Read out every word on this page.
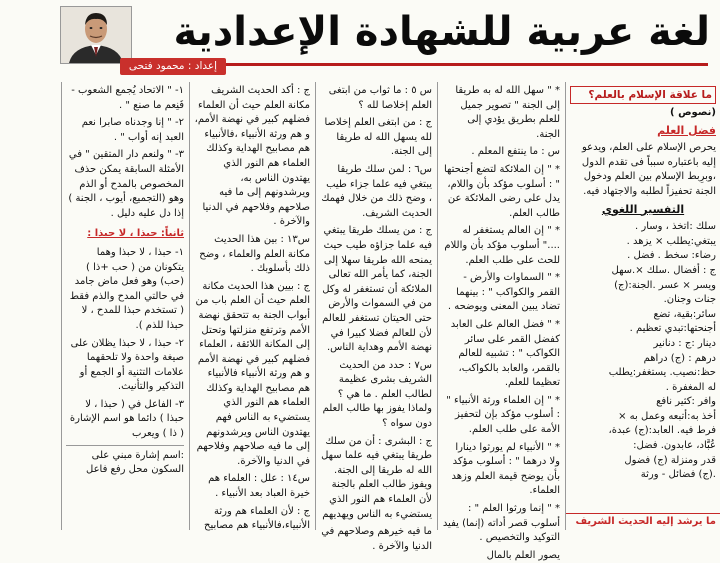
لغة عربية للشهادة الإعدادية
إعداد : محمود فتحى
ما علاقة الإسلام بالعلم؟

(نصوص )

فضل العلم

يحرص الإسلام على العلم، ويدعو إليه باعتباره سبباً فى تقدم الدول ،وبرِبط الإسلام بين العلم ودخول الجنة تحفيزاً لطلبه والاجتهاد فيه.

التفسير اللغوي

سلك :اتخذ ، وسار .
يبتغي:يطلب × يزهد .
رضاء: سخط . فضل .
ج : أفضال .سلك ×.سهل
ويسر × عسر .الجنة:(ج)
جنات وجنان.
سائر:بقية، تضع
أجنحتها:تبدي تعظيم .
دينار :ج : دنانير
درهم : (ج) دراهم
حظ:نصيب. يستغفر:يطلب
له المغفرة .
وافر :كثير نافع
أخذ به:أتبعه وعمل به ×
فرط فيه. العابد:(ج) عبدة،
عُبَّاد، عابدون. فضل:
قدر ومنزلة (ج) فضول
.(ج) فضائل - ورثة
ما يرشد إليه الحديث الشريف

* " سهل الله له به طريقا إلى الجنة " تصوير جميل للعلم بطريق يؤدي إلى الجنة.

س : ما ينتفع المعلم .

* " إن الملائكة لتضع أجنحتها " : أسلوب مؤكد بأن واللام، يدل على رضى الملائكة عن طالب العلم.

* " إن العالم يستغفر له ...." أسلوب مؤكد بأن واللام للحث على طلب العلم.

* " السماوات والأرض - القمر والكواكب " : بينهما تضاد يبين المعنى ويوضحه .

* " فضل العالم على العابد كفضل القمر على سائر الكواكب " : تشبيه للعالم بالقمر، والعابد بالكواكب، تعظيما للعلم.

* " إن العلماء ورثة الأنبياء " : أسلوب مؤكد بإن لتحفيز الأمة على طلب العلم.

* " الأنبياء لم يورثوا دينارا ولا درهما " : أسلوب مؤكد بأن يوضح قيمة العلم وزهد العلماء.

* " إنما ورثوا العلم " : أسلوب قصر أداته (إنما) يفيد التوكيد والتخصيص .

يصور العلم بالمال

س ٥ : ما ثواب من ابتغى العلم إخلاصا لله ؟

ج : من ابتغى العلم إخلاصا لله يسهل الله له طريقا إلى الجنة.

س٦ : لمن سلك طريقا يبتغي فيه علما جزاء طيب ، وضح ذلك من خلال فهمك الحديث الشريف.

ج : من يسلك طريقا يبتغي فيه علما جزاؤه طيب حيث يمنحه الله طريقا سهلا إلى الجنة، كما يأمر الله تعالى الملائكة أن تستغفر له وكل من في السموات والأرض حتى الحيتان تستغفر للعالم لأن للعالم فضلا كبيرا في نهضة الأمم وهداية الناس.

س٧ : حدد من الحديث الشريف بشرى عظيمة لطالب العلم . ما هي ؟ ولماذا يفوز بها طالب العلم دون سواه ؟

ج : البشرى : أن من سلك طريقا يبتغي فيه علما سهل الله له طريقا إلى الجنة. ويفوز طالب العلم بالجنة لأن العلماء هم النور الذي يستضيء به الناس ويهديهم

ما فيه خيرهم وصلاحهم في الدنيا والآخرة .

ج : أكد الحديث الشريف مكانة العلم حيث أن العلماء فضلهم كبير في نهضة الأمم، و هم ورثة الأنبياء ،فالأنبياء هم مصابيح الهداية وكذلك العلماء هم النور الذي يهتدون الناس به، ويرشدونهم إلى ما فيه صلاحهم وفلاحهم في الدنيا والآخرة .

س١٣ : بين هذا الحديث مكانة العلم والعلماء ، وضح ذلك بأسلوبك .

ج : بيين هذا الحديث مكانة العلم حيث أن العلم باب من أبواب الجنة به تتحقق نهضة الأمم وترتفع منزلتها وتحتل إلى المكانة اللائقة ، العلماء فضلهم كبير في نهضة الأمم و هم ورثة الأنبياء فالأنبياء هم مصابيح الهداية وكذلك العلماء هم النور الذي يستضيء به الناس فهم يهتدون الناس ويرشدونهم إلى ما فيه صلاحهم وفلاحهم في الدنيا والآخرة.

س١٤ : علل : العلماء هم خيرة العباد بعد الأنبياء .

ج : لأن العلماء هم ورثة الأنبياء،فالأنبياء هم مصابيح

١- " الاتحاد يُجمع الشعوب - فَنِعم ما صنع " .

٢- " إنا وجدناه صابرا نعم العبد إنه أواب " .

٣- " ولنعم دار المتقين " في الأمثلة السابقة يمكن حذف المخصوص بالمدح أو الذم وهو (التجميع، أيوب ، الجنة ) إذا دل عليه دليل .

ثانياً: حبذا ، لا حبذا :

١- حبذا ، لا حبذا وهما يتكونان من ( حب +ذا ) (حب) وهو فعل ماض جامد في حالتي المدح والذم فقط ( تستخدم حبذا للمدح ، لا حبذا للذم ).

٢- حبذا ، لا حبذا يظلان على صيغة واحدة ولا تلحقهما علامات التثنية أو الجمع أو التذكير والتأنيث.

٣- الفاعل في ( حبذا ، لا حبذا ) دائما هو اسم الإشارة ( ذا ) ويعرب

:اسم إشارة مبني على السكون محل رفع فاعل
